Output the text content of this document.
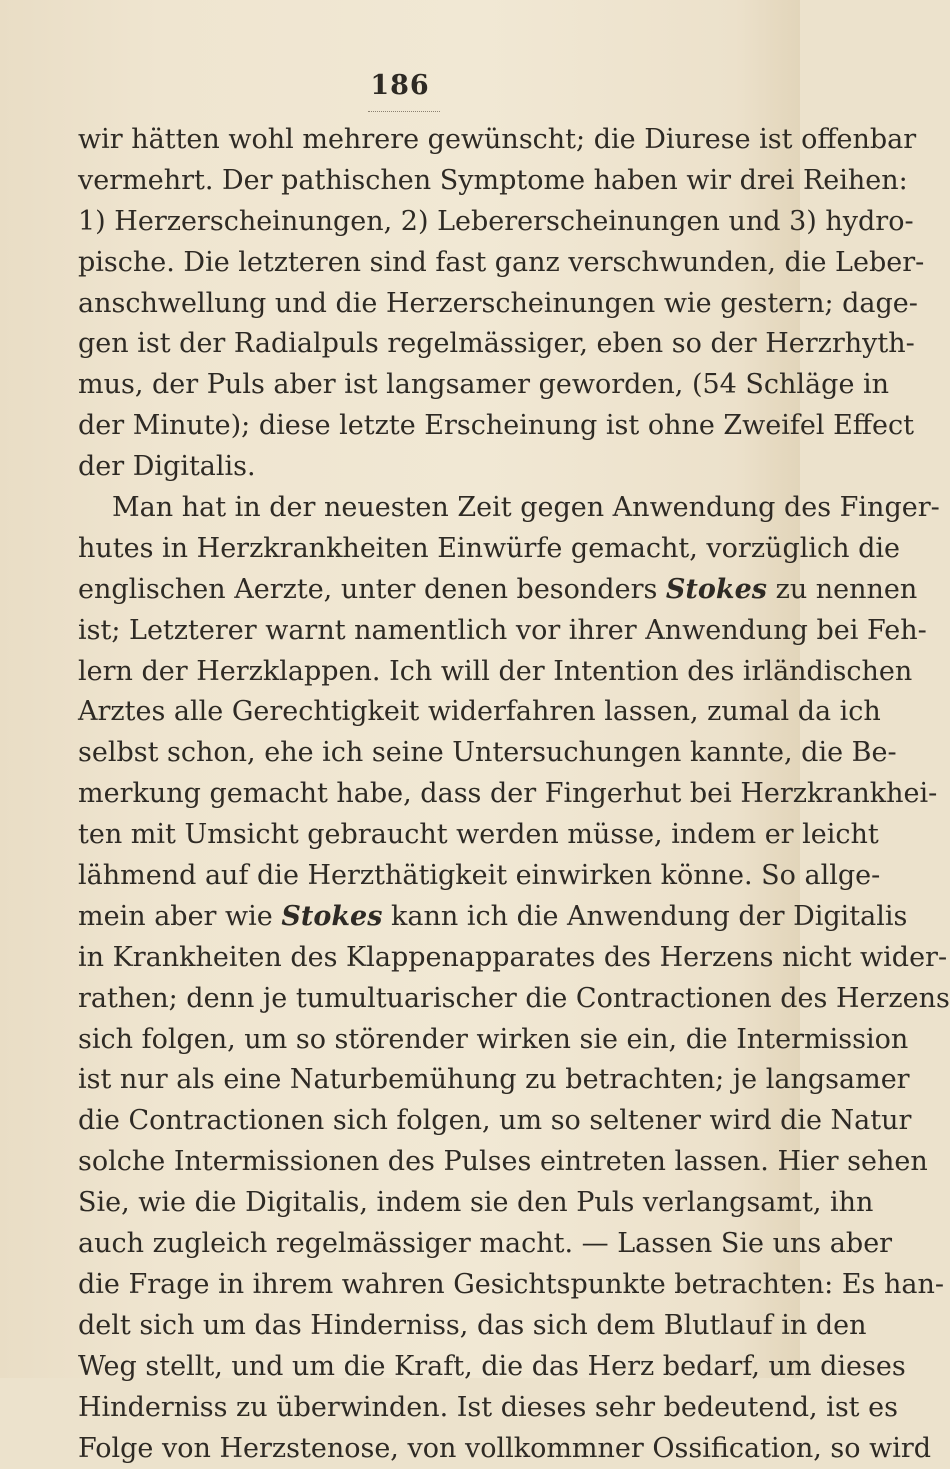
186
wir hätten wohl mehrere gewünscht; die Diurese ist offenbar
vermehrt. Der pathischen Symptome haben wir drei Reihen:
1) Herzerscheinungen, 2) Lebererscheinungen und 3) hydro-
pische. Die letzteren sind fast ganz verschwunden, die Leber-
anschwellung und die Herzerscheinungen wie gestern; dage-
gen ist der Radialpuls regelmässiger, eben so der Herzrhyth-
mus, der Puls aber ist langsamer geworden, (54 Schläge in
der Minute); diese letzte Erscheinung ist ohne Zweifel Effect
der Digitalis.
Man hat in der neuesten Zeit gegen Anwendung des Finger-
hutes in Herzkrankheiten Einwürfe gemacht, vorzüglich die
englischen Aerzte, unter denen besonders Stokes zu nennen
ist; Letzterer warnt namentlich vor ihrer Anwendung bei Feh-
lern der Herzklappen. Ich will der Intention des irländischen
Arztes alle Gerechtigkeit widerfahren lassen, zumal da ich
selbst schon, ehe ich seine Untersuchungen kannte, die Be-
merkung gemacht habe, dass der Fingerhut bei Herzkrankhei-
ten mit Umsicht gebraucht werden müsse, indem er leicht
lähmend auf die Herzthätigkeit einwirken könne. So allge-
mein aber wie Stokes kann ich die Anwendung der Digitalis
in Krankheiten des Klappenapparates des Herzens nicht wider-
rathen; denn je tumultuarischer die Contractionen des Herzens
sich folgen, um so störender wirken sie ein, die Intermission
ist nur als eine Naturbemühung zu betrachten; je langsamer
die Contractionen sich folgen, um so seltener wird die Natur
solche Intermissionen des Pulses eintreten lassen. Hier sehen
Sie, wie die Digitalis, indem sie den Puls verlangsamt, ihn
auch zugleich regelmässiger macht. — Lassen Sie uns aber
die Frage in ihrem wahren Gesichtspunkte betrachten: Es han-
delt sich um das Hinderniss, das sich dem Blutlauf in den
Weg stellt, und um die Kraft, die das Herz bedarf, um dieses
Hinderniss zu überwinden. Ist dieses sehr bedeutend, ist es
Folge von Herzstenose, von vollkommner Ossification, so wird
